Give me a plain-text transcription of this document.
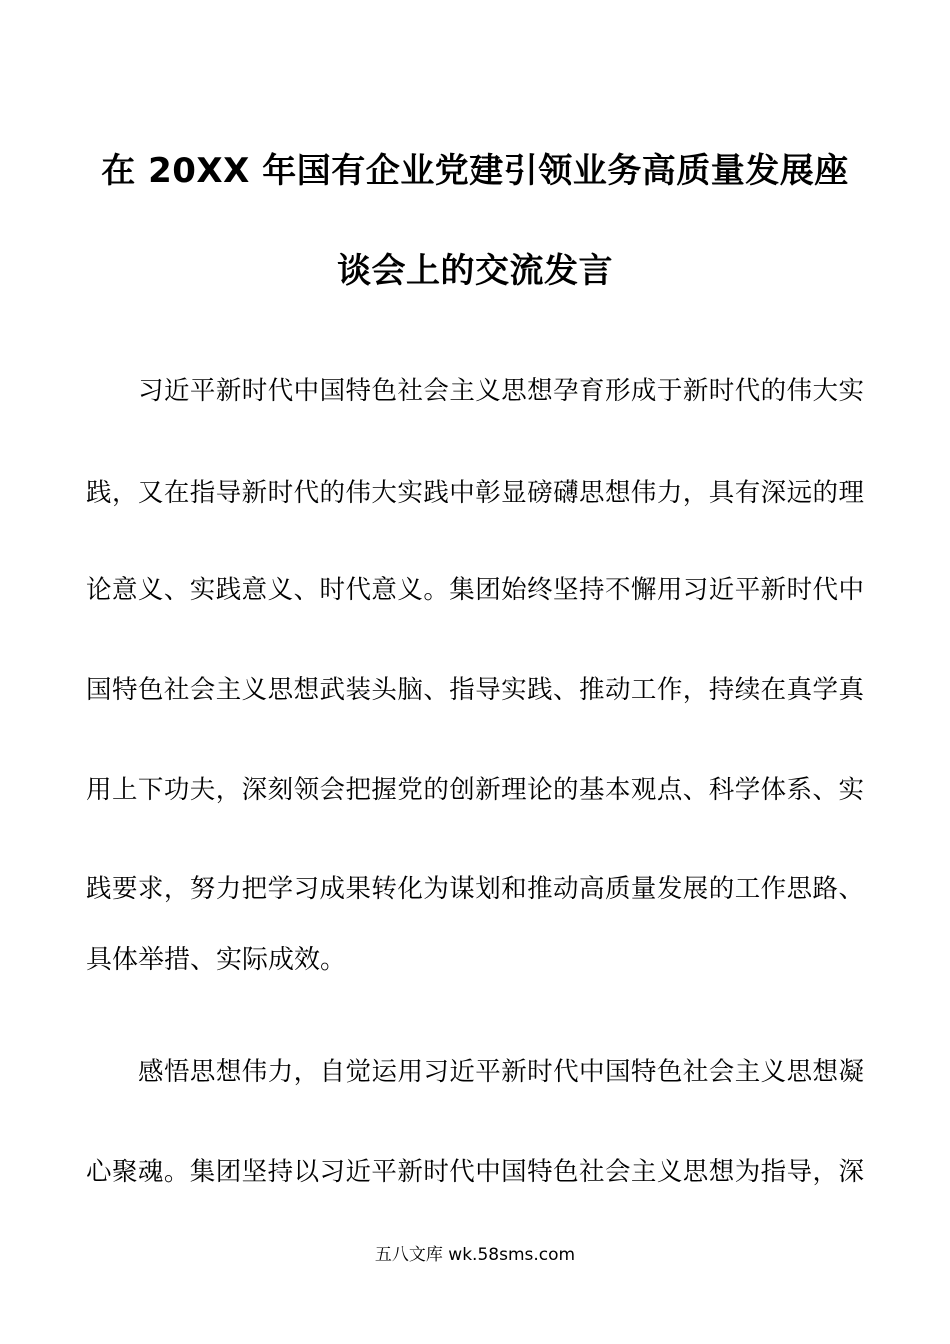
在 20XX 年国有企业党建引领业务高质量发展座
谈会上的交流发言
习近平新时代中国特色社会主义思想孕育形成于新时代的伟大实
践，又在指导新时代的伟大实践中彰显磅礴思想伟力，具有深远的理
论意义、实践意义、时代意义。集团始终坚持不懈用习近平新时代中
国特色社会主义思想武装头脑、指导实践、推动工作，持续在真学真
用上下功夫，深刻领会把握党的创新理论的基本观点、科学体系、实
践要求，努力把学习成果转化为谋划和推动高质量发展的工作思路、
具体举措、实际成效。
感悟思想伟力，自觉运用习近平新时代中国特色社会主义思想凝
心聚魂。集团坚持以习近平新时代中国特色社会主义思想为指导，深
五八文库 wk.58sms.com
